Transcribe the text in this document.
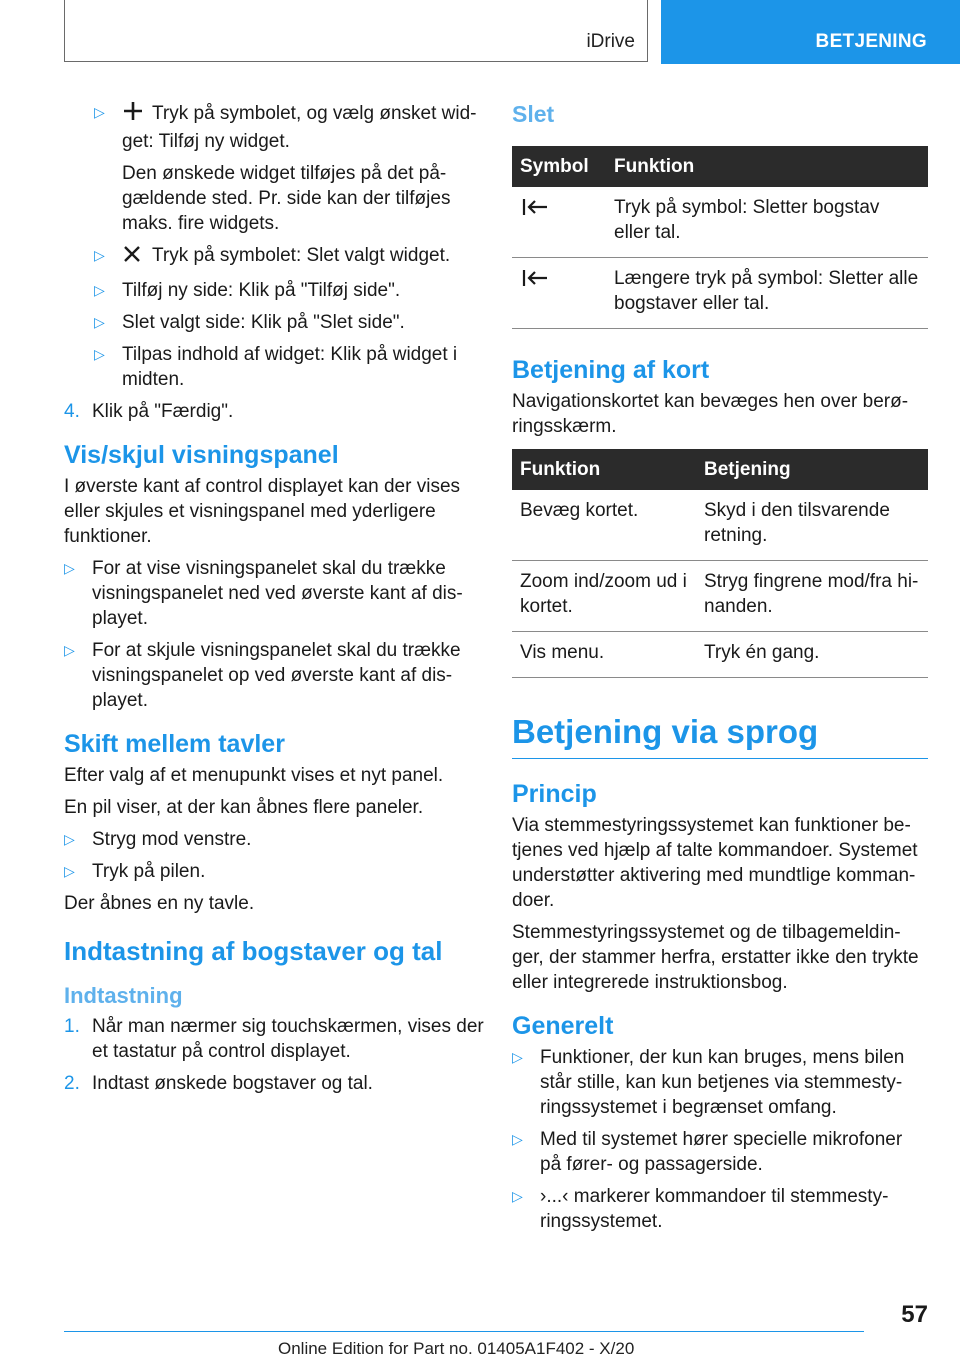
iDrive	BETJENING
▷	Tryk på symbolet, og vælg ønsket wid-get: Tilføj ny widget.

Den ønskede widget tilføjes på det på-gældende sted. Pr. side kan der tilføjes maks. fire widgets.

▷	Tryk på symbolet: Slet valgt widget.
▷ Tilføj ny side: Klik på "Tilføj side".
▷ Slet valgt side: Klik på "Slet side".
▷ Tilpas indhold af widget: Klik på widget i midten.
4. Klik på "Færdig".
Vis/skjul visningspanel

I øverste kant af control displayet kan der vises eller skjules et visningspanel med yderligere funktioner.

▷ For at vise visningspanelet skal du trække visningspanelet ned ved øverste kant af dis-playet.
▷ For at skjule visningspanelet skal du trække visningspanelet op ved øverste kant af dis-playet.
Skift mellem tavler

Efter valg af et menupunkt vises et nyt panel.

En pil viser, at der kan åbnes flere paneler.

▷ Stryg mod venstre.
▷ Tryk på pilen.

Der åbnes en ny tavle.

Indtastning af bogstaver og tal
Indtastning
1. Når man nærmer sig touchskærmen, vises der et tastatur på control displayet.
2. Indtast ønskede bogstaver og tal.
Slet
Symbol	Funktion
	Tryk på symbol: Sletter bogstav eller tal.
	Længere tryk på symbol: Sletter alle bogstaver eller tal.
Betjening af kort

Navigationskortet kan bevæges hen over berø-ringsskærm.

Funktion	Betjening
Bevæg kortet.	Skyd i den tilsvarende retning.
Zoom ind/zoom ud i kortet.	Stryg fingrene mod/fra hi-nanden.
Vis menu.	Tryk én gang.
Betjening via sprog
Princip

Via stemmestyringssystemet kan funktioner be-tjenes ved hjælp af talte kommandoer. Systemet understøtter aktivering med mundtlige komman-doer.

Stemmestyringssystemet og de tilbagemeldin-ger, der stammer herfra, erstatter ikke den trykte eller integrerede instruktionsbog.

Generelt
▷ Funktioner, der kun kan bruges, mens bilen står stille, kan kun betjenes via stemmesty-ringssystemet i begrænset omfang.
▷ Med til systemet hører specielle mikrofoner på fører- og passagerside.
▷ ›...‹ markerer kommandoer til stemmesty-ringssystemet.
57
Online Edition for Part no. 01405A1F402 - X/20
